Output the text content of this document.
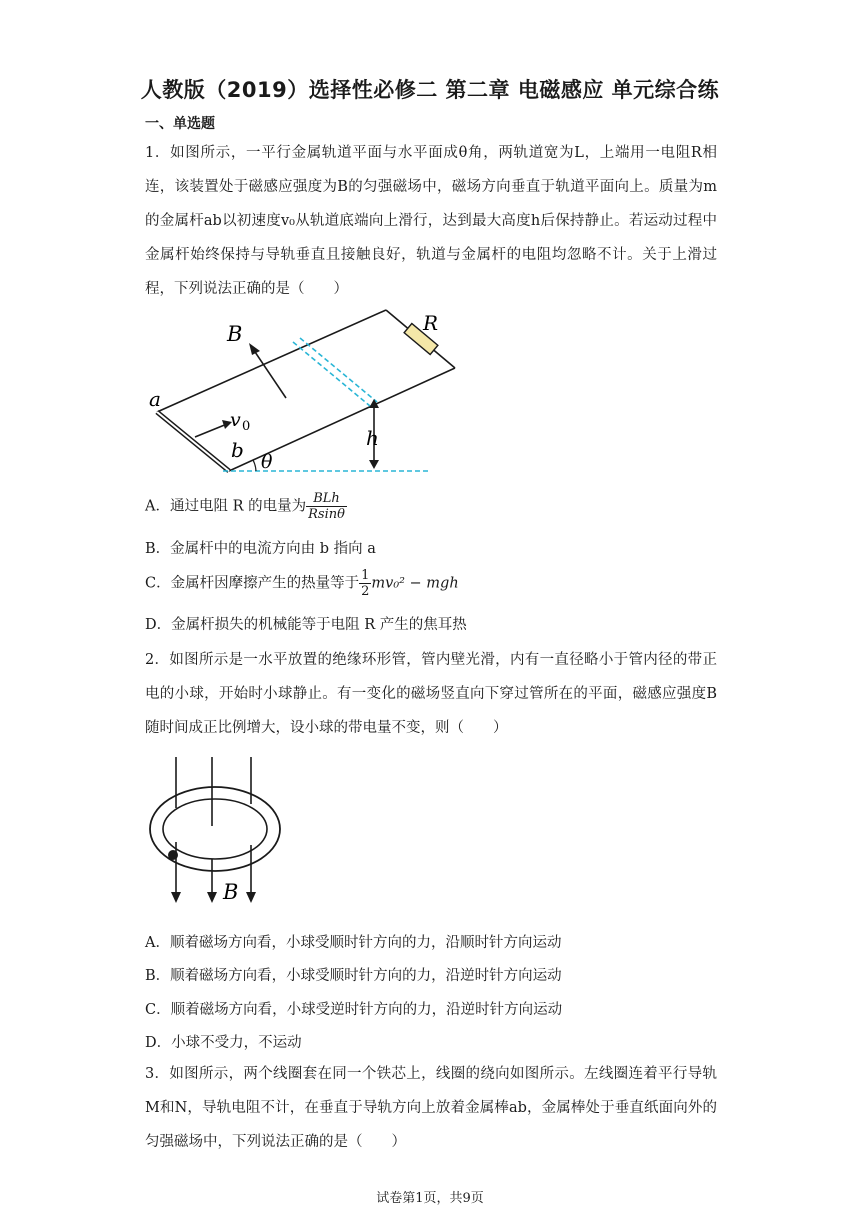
人教版（2019）选择性必修二 第二章 电磁感应 单元综合练
一、单选题
1．如图所示，一平行金属轨道平面与水平面成θ角，两轨道宽为L，上端用一电阻R相连，该装置处于磁感应强度为B的匀强磁场中，磁场方向垂直于轨道平面向上。质量为m的金属杆ab以初速度v₀从轨道底端向上滑行，达到最大高度h后保持静止。若运动过程中金属杆始终保持与导轨垂直且接触良好，轨道与金属杆的电阻均忽略不计。关于上滑过程，下列说法正确的是（　　）
B	R
a
b
v 0	h
θ
A．通过电阻 R 的电量为 $\frac{\text{BLh}}{Rsin\theta}$
B．金属杆中的电流方向由 b 指向 a
C．金属杆因摩擦产生的热量等于 $\frac{1}{2} mv_0^2$ − mgh
D．金属杆损失的机械能等于电阻 R 产生的焦耳热
2．如图所示是一水平放置的绝缘环形管，管内壁光滑，内有一直径略小于管内径的带正电的小球，开始时小球静止。有一变化的磁场竖直向下穿过管所在的平面，磁感应强度B随时间成正比例增大，设小球的带电量不变，则（　　）
B
A．顺着磁场方向看，小球受顺时针方向的力，沿顺时针方向运动
B．顺着磁场方向看，小球受顺时针方向的力，沿逆时针方向运动
C．顺着磁场方向看，小球受逆时针方向的力，沿逆时针方向运动
D．小球不受力，不运动
3．如图所示，两个线圈套在同一个铁芯上，线圈的绕向如图所示。左线圈连着平行导轨M和N，导轨电阻不计，在垂直于导轨方向上放着金属棒ab，金属棒处于垂直纸面向外的匀强磁场中，下列说法正确的是（　　）
试卷第1页，共9页
